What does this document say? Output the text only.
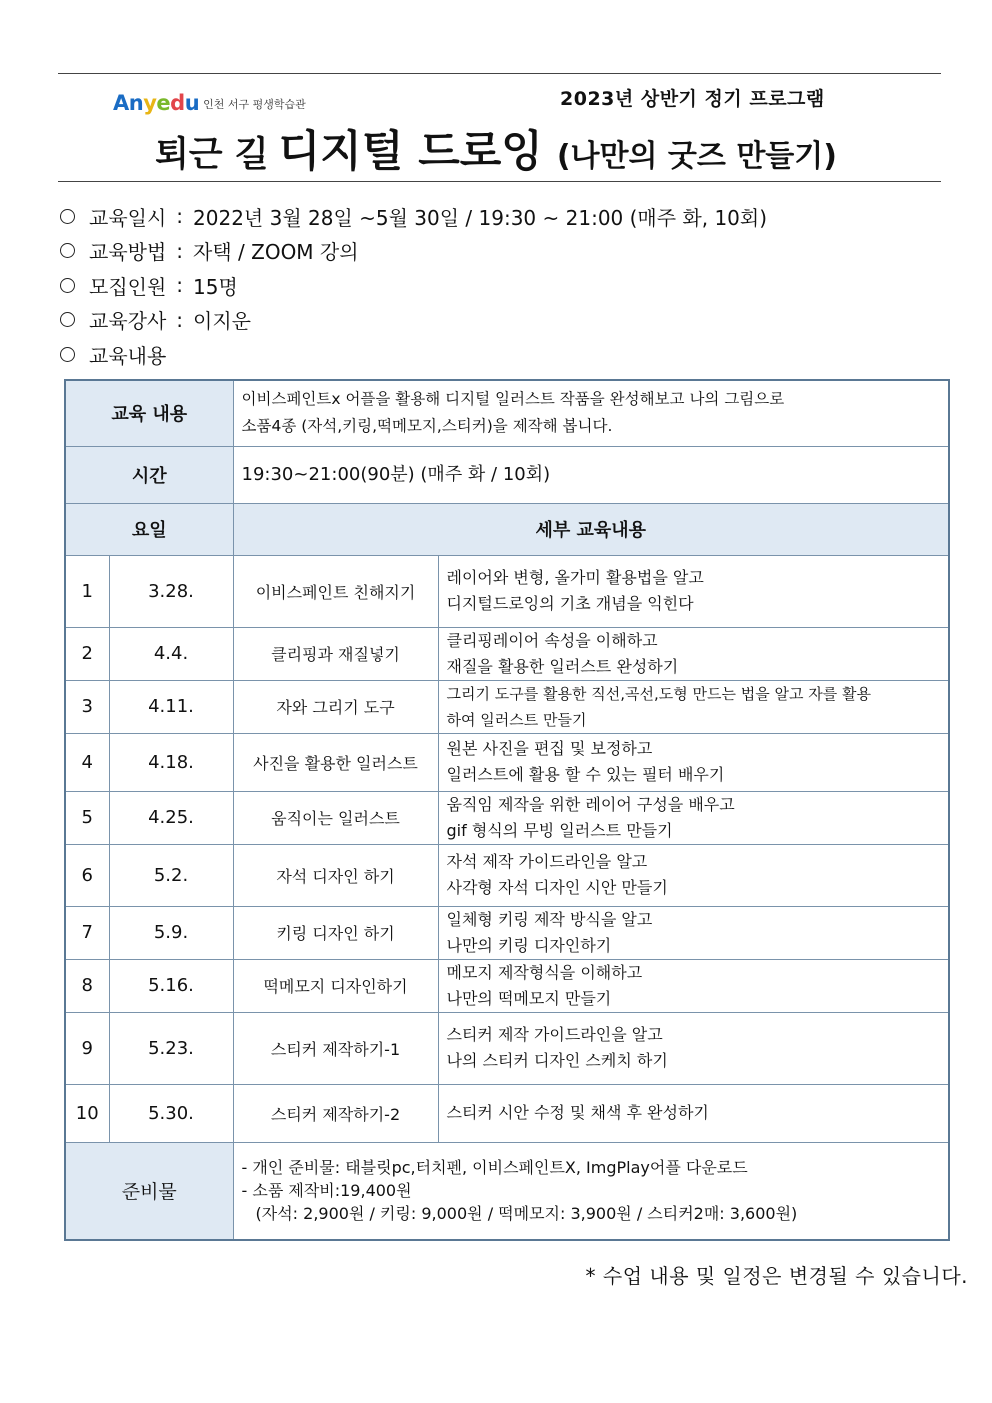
Anyedu 인천 서구 평생학습관	2023년 상반기 정기 프로그램
퇴근 길 디지털 드로잉 (나만의 굿즈 만들기)
교육일시 : 2022년 3월 28일 ~5월 30일 / 19:30 ~ 21:00 (매주 화, 10회)
교육방법 : 자택 / ZOOM 강의
모집인원 : 15명
교육강사 : 이지운
교육내용
교육 내용		이비스페인트x 어플을 활용해 디지털 일러스트 작품을 완성해보고 나의 그림으로
소품4종 (자석,키링,떡메모지,스티커)을 제작해 봅니다.	

시간		19:30~21:00(90분) (매주 화 / 10회)	
요일		세부 교육내용	
1	3.28.	이비스페인트 친해지기	레이어와 변형, 올가미 활용법을 알고
디지털드로잉의 기초 개념을 익힌다

2	4.4.	클리핑과 재질넣기	클리핑레이어 속성을 이해하고
재질을 활용한 일러스트 완성하기

3	4.11.	자와 그리기 도구	그리기 도구를 활용한 직선,곡선,도형 만드는 법을 알고 자를 활용
하여 일러스트 만들기

4	4.18.	사진을 활용한 일러스트	원본 사진을 편집 및 보정하고
일러스트에 활용 할 수 있는 필터 배우기

5	4.25.	움직이는 일러스트	움직임 제작을 위한 레이어 구성을 배우고
gif 형식의 무빙 일러스트 만들기

6	5.2.	자석 디자인 하기	자석 제작 가이드라인을 알고
사각형 자석 디자인 시안 만들기

7	5.9.	키링 디자인 하기	일체형 키링 제작 방식을 알고
나만의 키링 디자인하기

8	5.16.	떡메모지 디자인하기	메모지 제작형식을 이해하고
나만의 떡메모지 만들기

9	5.23.	스티커 제작하기-1	스티커 제작 가이드라인을 알고
나의 스티커 디자인 스케치 하기

10	5.30.	스티커 제작하기-2	스티커 시안 수정 및 채색 후 완성하기

준비물		- 개인 준비물: 태블릿pc,터치펜, 이비스페인트X, ImgPlay어플 다운로드
- 소품 제작비:19,400원
(자석: 2,900원 / 키링: 9,000원 / 떡메모지: 3,900원 / 스티커2매: 3,600원)	
* 수업 내용 및 일정은 변경될 수 있습니다.
